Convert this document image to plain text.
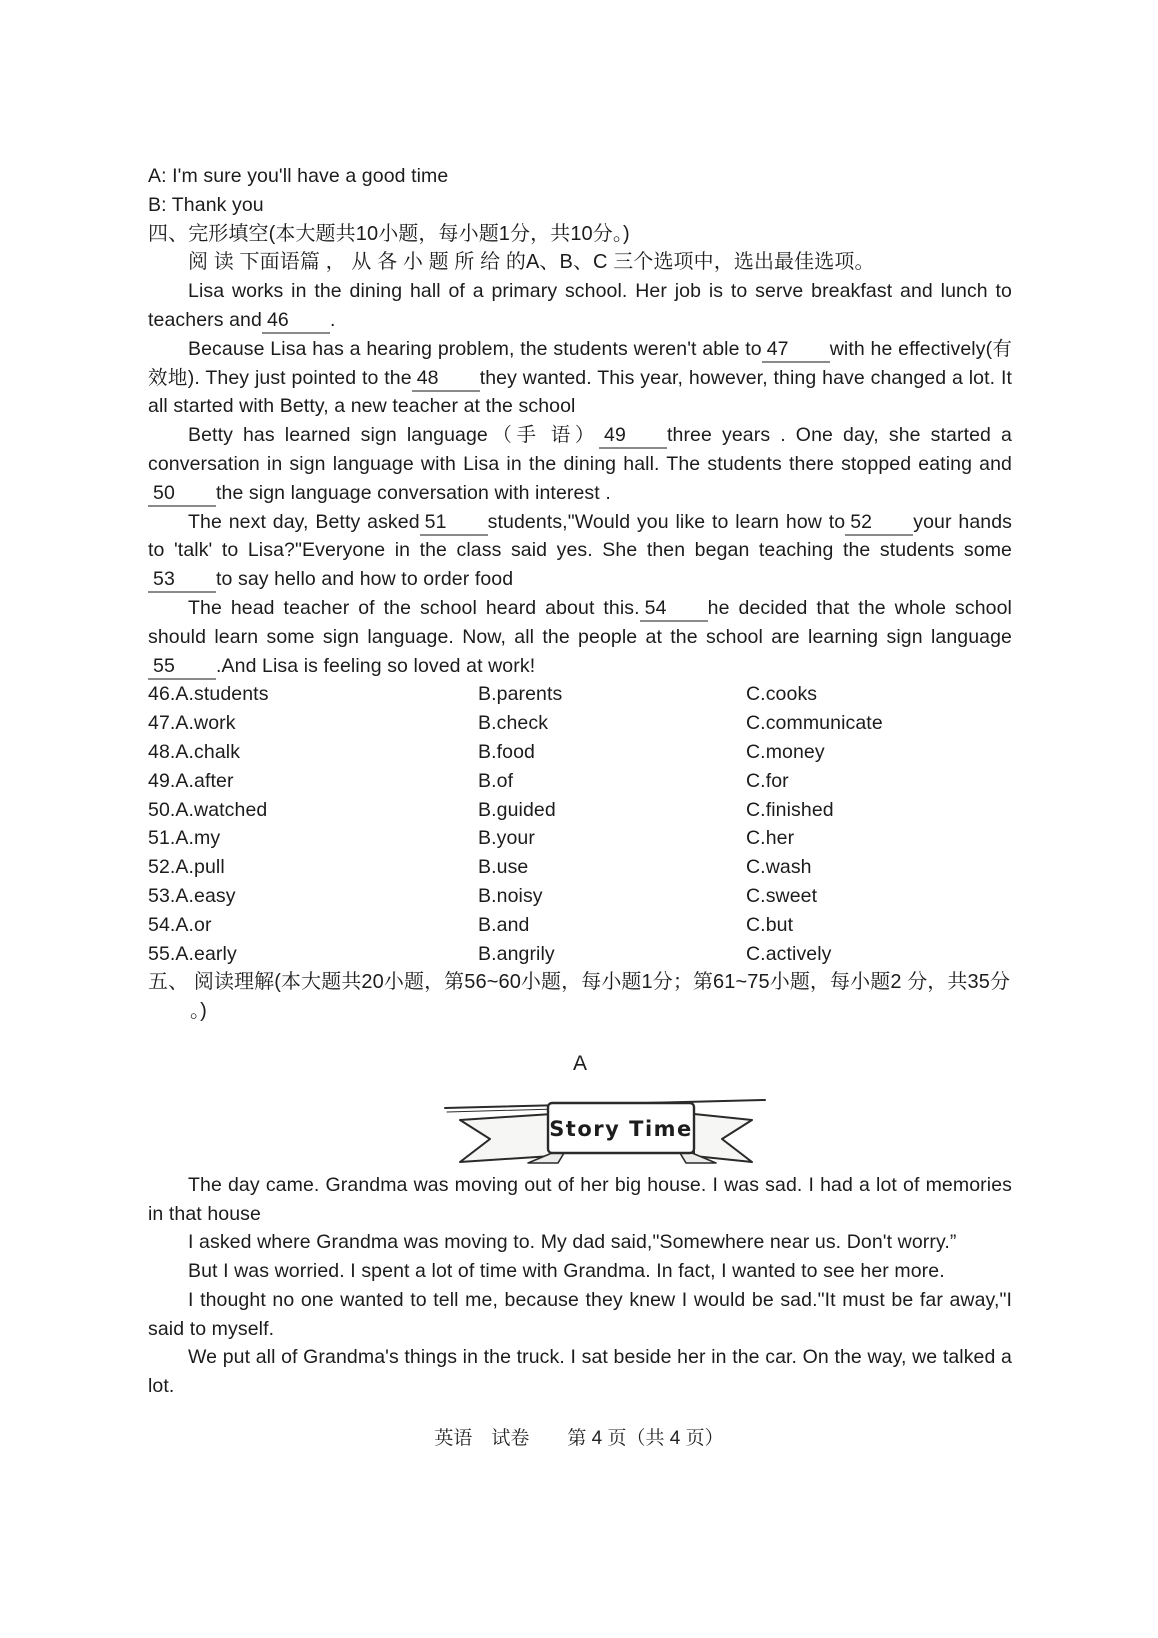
A: I'm sure you'll have a good time
B: Thank you
四、完形填空(本大题共10小题，每小题1分，共10分。)
阅 读 下面语篇 ， 从 各 小 题 所 给 的A、B、C 三个选项中，选出最佳选项。
Lisa works in the dining hall of a primary school. Her job is to serve breakfast and lunch to teachers and 46 .
Because Lisa has a hearing problem, the students weren't able to 47 with he effectively(有效地). They just pointed to the 48 they wanted. This year, however, thing have changed a lot. It all started with Betty, a new teacher at the school
Betty has learned sign language（手 语） 49 three years . One day, she started a conversation in sign language with Lisa in the dining hall. The students there stopped eating and50 the sign language conversation with interest .
The next day, Betty asked 51 students,"Would you like to learn how to 52 your hands to 'talk' to Lisa?"Everyone in the class said yes. She then began teaching the students some53 to say hello and how to order food
The head teacher of the school heard about this. 54 he decided that the whole school should learn some sign language. Now, all the people at the school are learning sign language 55 .And Lisa is feeling so loved at work!
46.A.students	B.parents	C.cooks
47.A.work	B.check	C.communicate
48.A.chalk	B.food	C.money
49.A.after	B.of	C.for
50.A.watched	B.guided	C.finished
51.A.my	B.your	C.her
52.A.pull	B.use	C.wash
53.A.easy	B.noisy	C.sweet
54.A.or	B.and	C.but
55.A.early	B.angrily	C.actively
五、 阅读理解(本大题共20小题，第56~60小题，每小题1分；第61~75小题，每小题2 分，共35分
。)
A
Story Time
The day came. Grandma was moving out of her big house. I was sad. I had a lot of memories in that house
I asked where Grandma was moving to. My dad said,"Somewhere near us. Don't worry.”
But I was worried. I spent a lot of time with Grandma. In fact, I wanted to see her more.
I thought no one wanted to tell me, because they knew I would be sad."It must be far away,"I said to myself.
We put all of Grandma's things in the truck. I sat beside her in the car. On the way, we talked a lot.
英语　试卷　　第 4 页（共 4 页）
